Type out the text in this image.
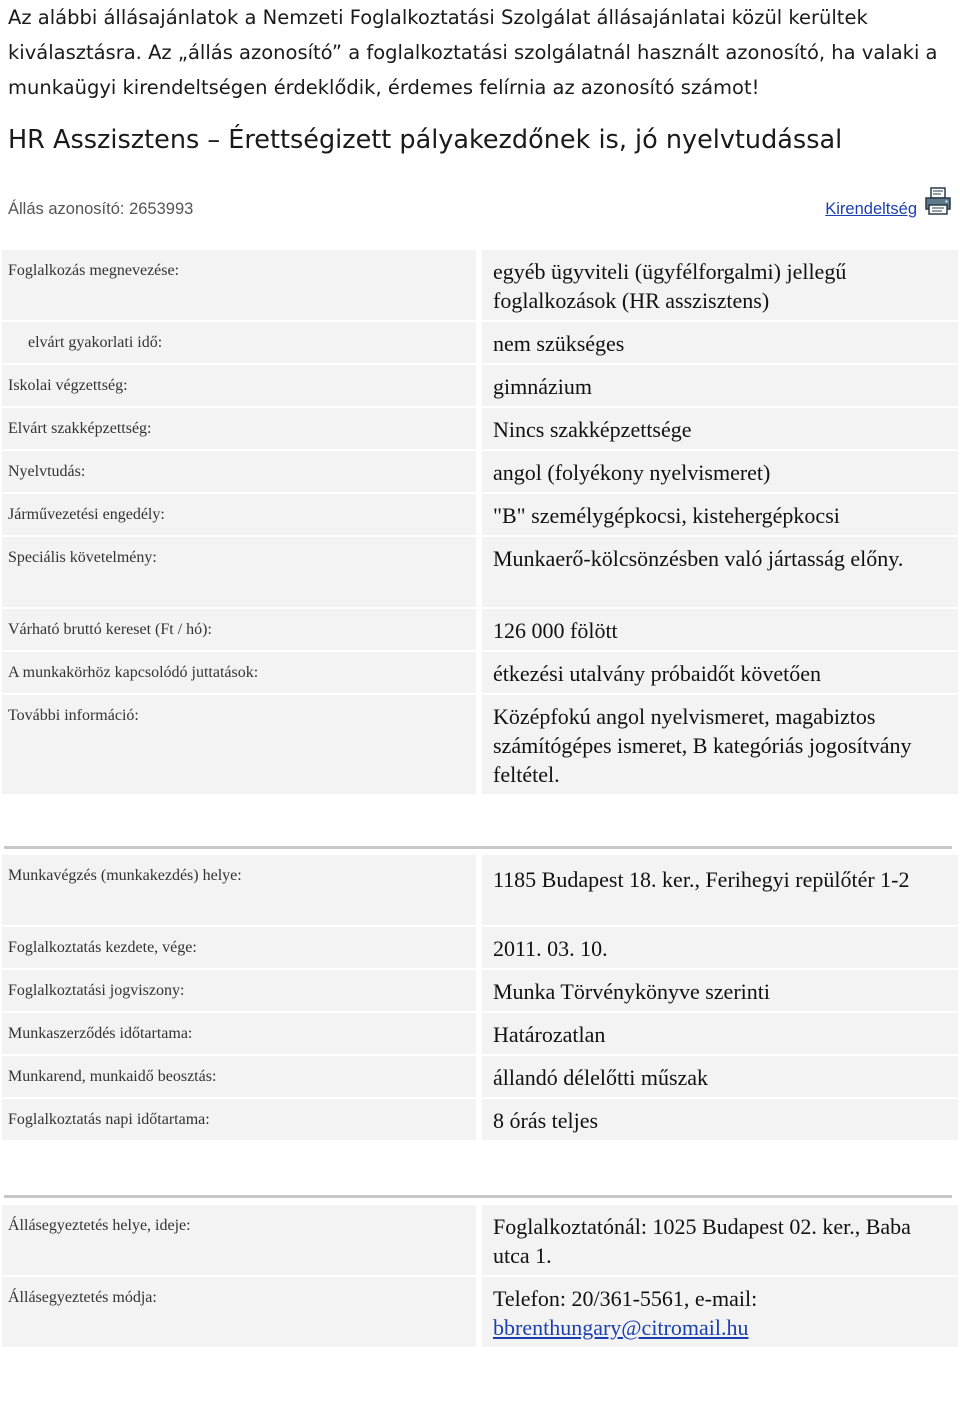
Az alábbi állásajánlatok a Nemzeti Foglalkoztatási Szolgálat állásajánlatai közül kerültek kiválasztásra. Az „állás azonosító” a foglalkoztatási szolgálatnál használt azonosító, ha valaki a munkaügyi kirendeltségen érdeklődik, érdemes felírnia az azonosító számot!
HR Asszisztens – Érettségizett pályakezdőnek is, jó nyelvtudással
Állás azonosító: 2653993	Kirendeltség
Foglalkozás megnevezése:	egyéb ügyviteli (ügyfélforgalmi) jellegű foglalkozások (HR asszisztens)
elvárt gyakorlati idő:	nem szükséges
Iskolai végzettség:	gimnázium
Elvárt szakképzettség:	Nincs szakképzettsége
Nyelvtudás:	angol (folyékony nyelvismeret)
Járművezetési engedély:	"B" személygépkocsi, kistehergépkocsi
Speciális követelmény:	Munkaerő-kölcsönzésben való jártasság előny.
Várható bruttó kereset (Ft / hó):	126 000 fölött
A munkakörhöz kapcsolódó juttatások:	étkezési utalvány próbaidőt követően
További információ:	Középfokú angol nyelvismeret, magabiztos számítógépes ismeret, B kategóriás jogosítvány feltétel.
Munkavégzés (munkakezdés) helye:	1185 Budapest 18. ker., Ferihegyi repülőtér 1-2
Foglalkoztatás kezdete, vége:	2011. 03. 10.
Foglalkoztatási jogviszony:	Munka Törvénykönyve szerinti
Munkaszerződés időtartama:	Határozatlan
Munkarend, munkaidő beosztás:	állandó délelőtti műszak
Foglalkoztatás napi időtartama:	8 órás teljes
Állásegyeztetés helye, ideje:	Foglalkoztatónál: 1025 Budapest 02. ker., Baba utca 1.
Állásegyeztetés módja:	Telefon: 20/361-5561, e-mail:
bbrenthungary@citromail.hu
